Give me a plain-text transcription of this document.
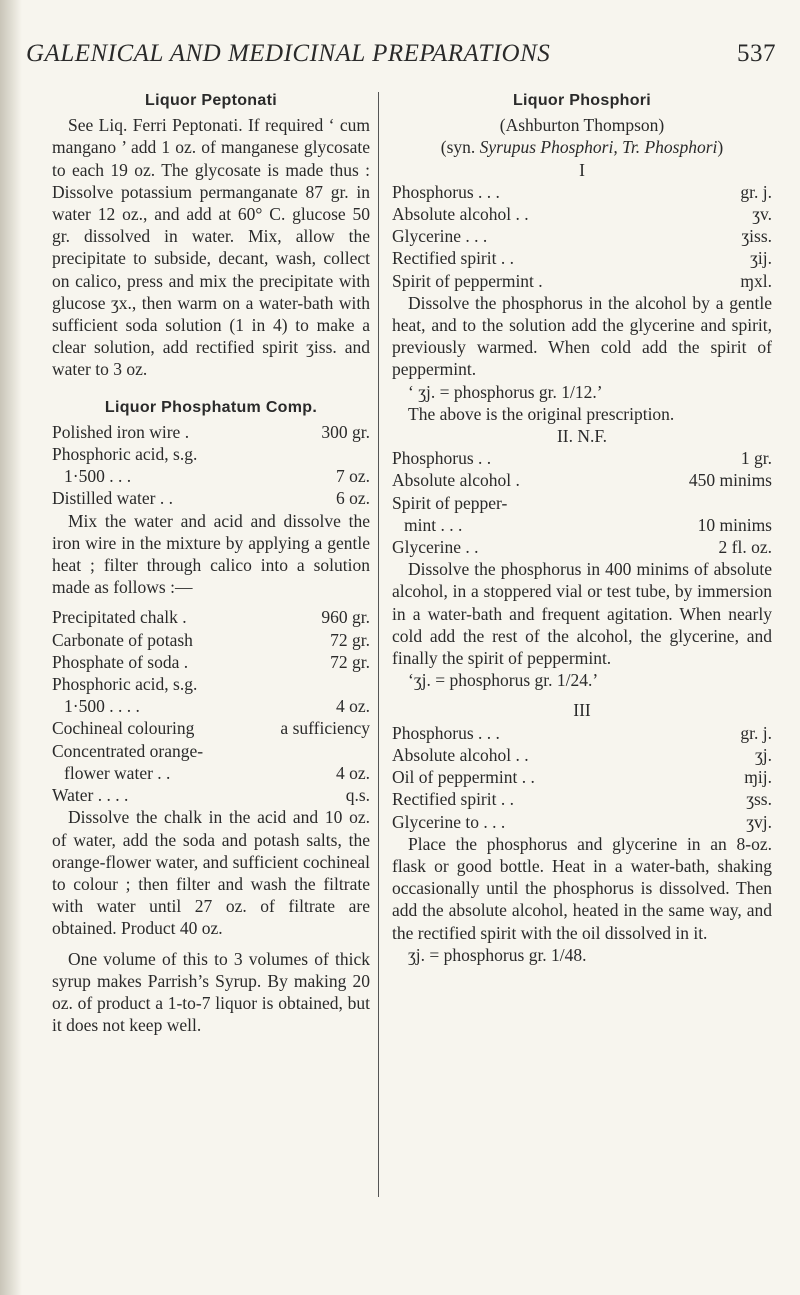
GALENICAL AND MEDICINAL PREPARATIONS	537
Liquor Peptonati

See Liq. Ferri Peptonati. If required ‘ cum mangano ’ add 1 oz. of manganese glycosate to each 19 oz. The glycosate is made thus : Dissolve potassium permanganate 87 gr. in water 12 oz., and add at 60° C. glucose 50 gr. dissolved in water. Mix, allow the precipitate to subside, decant, wash, collect on calico, press and mix the precipitate with glucose ʒx., then warm on a water-bath with sufficient soda solution (1 in 4) to make a clear solution, add rectified spirit ʒiss. and water to 3 oz.

Liquor Phosphatum Comp.
Polished iron wire .	300 gr.
Phosphoric acid, s.g.
1·500 . . .	7 oz.
Distilled water . .	6 oz.

Mix the water and acid and dissolve the iron wire in the mixture by applying a gentle heat ; filter through calico into a solution made as follows :—

Precipitated chalk .	960 gr.
Carbonate of potash	72 gr.
Phosphate of soda .	72 gr.
Phosphoric acid, s.g.
1·500 . . . .	4 oz.
Cochineal colouring	a sufficiency
Concentrated orange-
flower water . .	4 oz.
Water . . . .	q.s.

Dissolve the chalk in the acid and 10 oz. of water, add the soda and potash salts, the orange-flower water, and sufficient cochineal to colour ; then filter and wash the filtrate with water until 27 oz. of filtrate are obtained. Product 40 oz.

One volume of this to 3 volumes of thick syrup makes Parrish’s Syrup. By making 20 oz. of product a 1-to-7 liquor is obtained, but it does not keep well.

Liquor Phosphori
(Ashburton Thompson)
(syn. Syrupus Phosphori, Tr. Phosphori)
I
Phosphorus . . .	gr. j.
Absolute alcohol . .	ʒv.
Glycerine . . .	ʒiss.
Rectified spirit . .	ʒij.
Spirit of peppermint .	ɱxl.

Dissolve the phosphorus in the alcohol by a gentle heat, and to the solution add the glycerine and spirit, previously warmed. When cold add the spirit of peppermint.

‘ ʒj. = phosphorus gr. 1/12.’

The above is the original prescription.

II. N.F.
Phosphorus . .	1 gr.
Absolute alcohol .	450 minims
Spirit of pepper-
mint . . .	10 minims
Glycerine . .	2 fl. oz.

Dissolve the phosphorus in 400 minims of absolute alcohol, in a stoppered vial or test tube, by immersion in a water-bath and frequent agitation. When nearly cold add the rest of the alcohol, the glycerine, and finally the spirit of peppermint.

‘ʒj. = phosphorus gr. 1/24.’

III
Phosphorus . . .	gr. j.
Absolute alcohol . .	ʒj.
Oil of peppermint . .	ɱij.
Rectified spirit . .	ʒss.
Glycerine to . . .	ʒvj.

Place the phosphorus and glycerine in an 8-oz. flask or good bottle. Heat in a water-bath, shaking occasionally until the phosphorus is dissolved. Then add the absolute alcohol, heated in the same way, and the rectified spirit with the oil dissolved in it.

ʒj. = phosphorus gr. 1/48.
